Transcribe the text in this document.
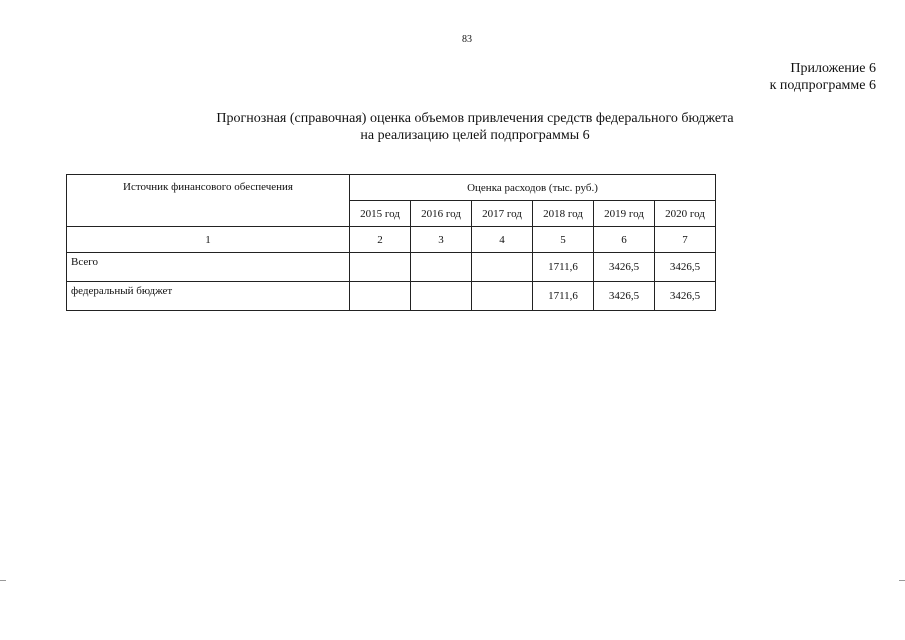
83
Приложение 6
к подпрограмме 6
Прогнозная (справочная) оценка объемов привлечения средств федерального бюджета
на реализацию целей подпрограммы 6
Источник финансового обеспечения	Оценка расходов (тыс. руб.)					
	2015 год	2016 год	2017 год	2018 год	2019 год	2020 год
1	2	3	4	5	6	7
Всего				1711,6	3426,5	3426,5
федеральный бюджет				1711,6	3426,5	3426,5
